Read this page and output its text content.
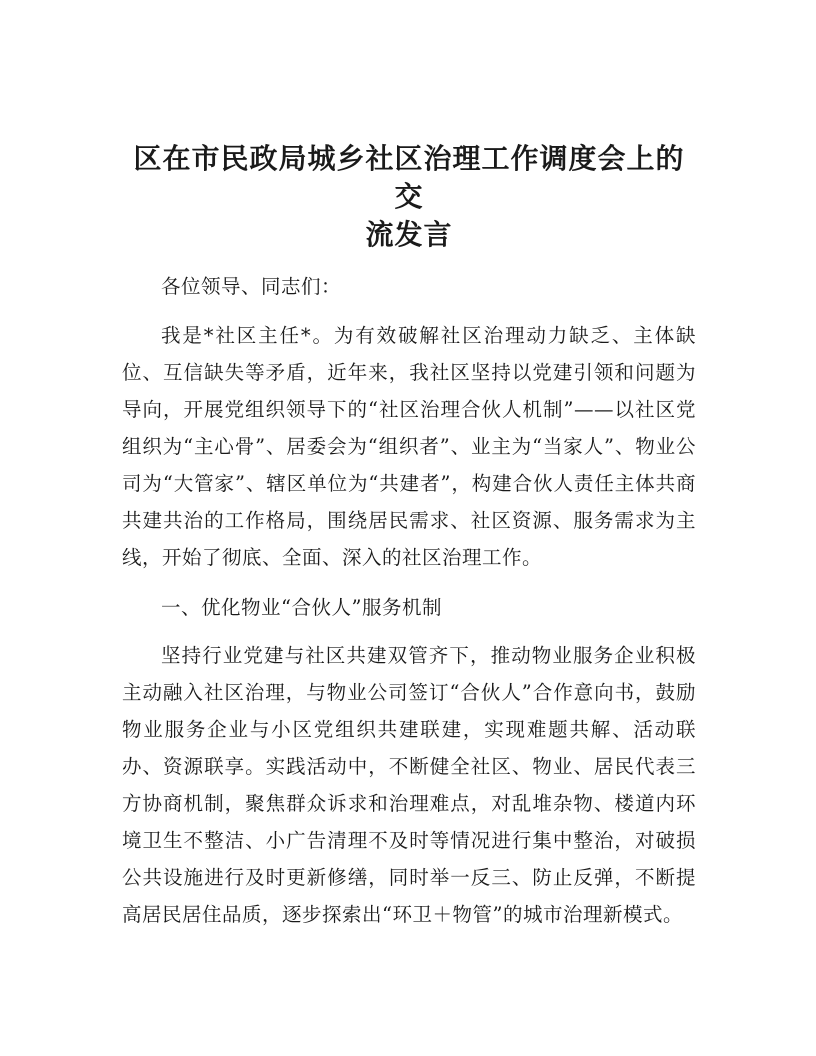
区在市民政局城乡社区治理工作调度会上的交
流发言

各位领导、同志们：

我是*社区主任*。为有效破解社区治理动力缺乏、主体缺位、互信缺失等矛盾，近年来，我社区坚持以党建引领和问题为导向，开展党组织领导下的“社区治理合伙人机制”——以社区党组织为“主心骨”、居委会为“组织者”、业主为“当家人”、物业公司为“大管家”、辖区单位为“共建者”，构建合伙人责任主体共商共建共治的工作格局，围绕居民需求、社区资源、服务需求为主线，开始了彻底、全面、深入的社区治理工作。

一、优化物业“合伙人”服务机制

坚持行业党建与社区共建双管齐下，推动物业服务企业积极主动融入社区治理，与物业公司签订“合伙人”合作意向书，鼓励物业服务企业与小区党组织共建联建，实现难题共解、活动联办、资源联享。实践活动中，不断健全社区、物业、居民代表三方协商机制，聚焦群众诉求和治理难点，对乱堆杂物、楼道内环境卫生不整洁、小广告清理不及时等情况进行集中整治，对破损公共设施进行及时更新修缮，同时举一反三、防止反弹，不断提高居民居住品质，逐步探索出“环卫＋物管”的城市治理新模式。
